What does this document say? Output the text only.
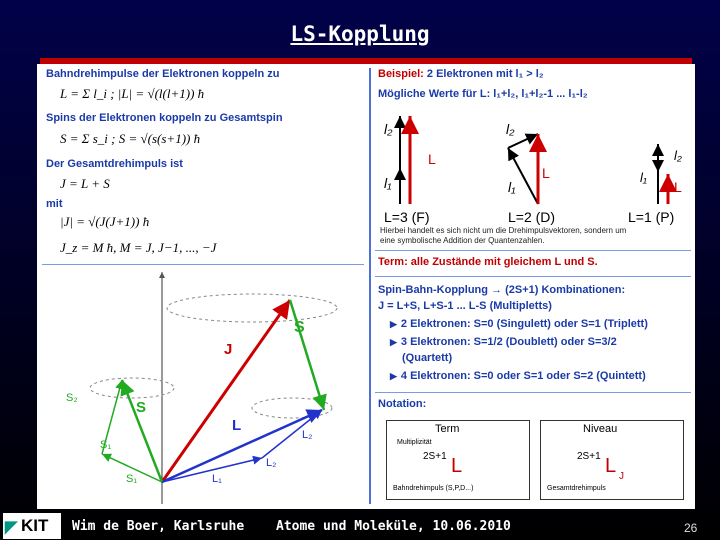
LS-Kopplung
Bahndrehimpulse der Elektronen koppeln zu
L = Σ l_i ; |L| = √(l(l+1)) ħ
Spins der Elektronen koppeln zu Gesamtspin
S = Σ s_i ; S = √(s(s+1)) ħ
Der Gesamtdrehimpuls ist
J = L + S
mit
|J| = √(J(J+1)) ħ
J_z = M ħ, M = J, J−1, ..., −J
S
J
S
S₂
S₁
S₁
L
L₂
L₂
L₁
Beispiel: 2 Elektronen mit l₁ > l₂
Mögliche Werte für L: l₁+l₂, l₁+l₂-1 ... l₁-l₂
l₂
l₁
L
l₂
l₁
L
l₂
l₁
L
L=3 (F)	L=2 (D)	L=1 (P)
Hierbei handelt es sich nicht um die Drehimpulsvektoren, sondern um
eine symbolische Addition der Quantenzahlen.
Term: alle Zustände mit gleichem L und S.
Spin-Bahn-Kopplung → (2S+1) Kombinationen:
J = L+S, L+S-1 ... L-S (Multipletts)
▶ 2 Elektronen: S=0 (Singulett) oder S=1 (Triplett)
▶ 3 Elektronen: S=1/2 (Doublett) oder S=3/2
(Quartett)
▶ 4 Elektronen: S=0 oder S=1 oder S=2 (Quintett)
Notation:
Term
Multiplizität
2S+1 L
Bahndrehimpuls (S,P,D...)
Niveau
2S+1 L J
Gesamtdrehimpuls
◤ KIT Wim de Boer, Karlsruhe Atome und Moleküle, 10.06.2010	26
